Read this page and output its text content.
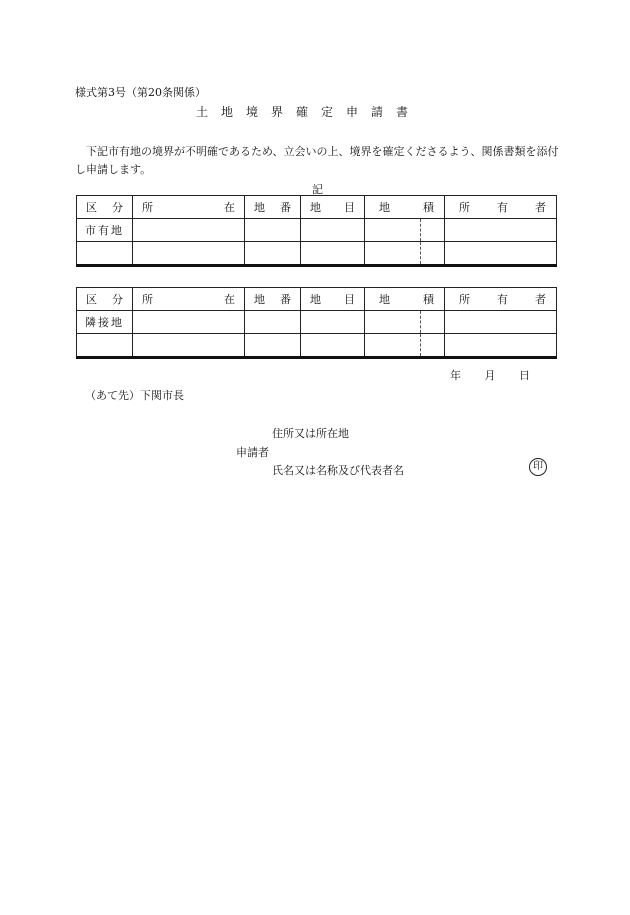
様式第3号（第20条関係）
土地境界確定申請書
下記市有地の境界が不明確であるため、立会いの上、境界を確定くださるよう、関係書類を添付し申請します。
記
区 分	所 在	地 番	地 目	地 積	所 有 者

市有地					

区 分	所 在	地 番	地 目	地 積	所 有 者

隣接地					

年 月 日
（あて先）下関市長
住所又は所在地
申請者
氏名又は名称及び代表者名	印
